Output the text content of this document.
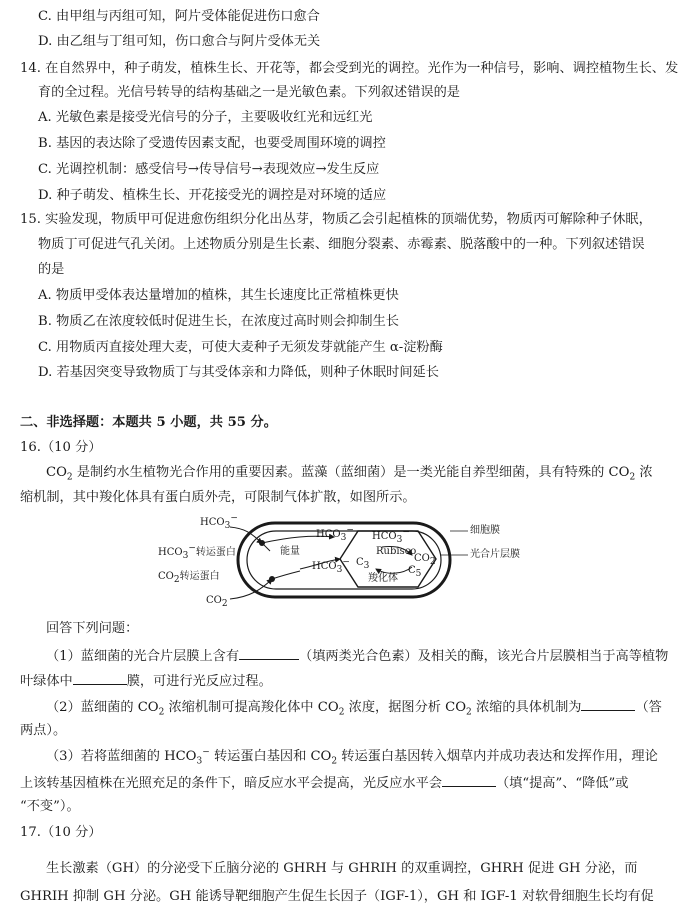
C. 由甲组与丙组可知，阿片受体能促进伤口愈合
D. 由乙组与丁组可知，伤口愈合与阿片受体无关
14. 在自然界中，种子萌发，植株生长、开花等，都会受到光的调控。光作为一种信号，影响、调控植物生长、发
育的全过程。光信号转导的结构基础之一是光敏色素。下列叙述错误的是
A. 光敏色素是接受光信号的分子，主要吸收红光和远红光
B. 基因的表达除了受遗传因素支配，也要受周围环境的调控
C. 光调控机制：感受信号→传导信号→表现效应→发生反应
D. 种子萌发、植株生长、开花接受光的调控是对环境的适应
15. 实验发现，物质甲可促进愈伤组织分化出丛芽，物质乙会引起植株的顶端优势，物质丙可解除种子休眠，
物质丁可促进气孔关闭。上述物质分别是生长素、细胞分裂素、赤霉素、脱落酸中的一种。下列叙述错误
的是
A. 物质甲受体表达量增加的植株，其生长速度比正常植株更快
B. 物质乙在浓度较低时促进生长，在浓度过高时则会抑制生长
C. 用物质丙直接处理大麦，可使大麦种子无须发芽就能产生 α-淀粉酶
D. 若基因突变导致物质丁与其受体亲和力降低，则种子休眠时间延长
二、非选择题：本题共 5 小题，共 55 分。
16.（10 分）
$CO_2$ 是制约水生植物光合作用的重要因素。蓝藻（蓝细菌）是一类光能自养型细菌，具有特殊的 $CO_2$ 浓
缩机制，其中羧化体具有蛋白质外壳，可限制气体扩散，如图所示。
$HCO_3^-$
$HCO_3^-$转运蛋白
$CO_2$转运蛋白
$CO_2$
能量
$HCO_3^-$
$HCO_3^-$
$HCO_3^-$
Rubisco
$C_3$
$CO_2$
$C_5$
羧化体
细胞膜
光合片层膜
回答下列问题：
（1）蓝细菌的光合片层膜上含有	（填两类光合色素）及相关的酶，该光合片层膜相当于高等植物
叶绿体中	膜，可进行光反应过程。
（2）蓝细菌的 $CO_2$ 浓缩机制可提高羧化体中 $CO_2$ 浓度，据图分析 $CO_2$ 浓缩的具体机制为	（答
两点）。
（3）若将蓝细菌的 $HCO_3^-$ 转运蛋白基因和 $CO_2$ 转运蛋白基因转入烟草内并成功表达和发挥作用，理论
上该转基因植株在光照充足的条件下，暗反应水平会提高，光反应水平会	（填“提高”、“降低”或
“不变”）。
17.（10 分）
生长激素（GH）的分泌受下丘脑分泌的 GHRH 与 GHRIH 的双重调控，GHRH 促进 GH 分泌，而
GHRIH 抑制 GH 分泌。GH 能诱导靶细胞产生促生长因子（IGF-1），GH 和 IGF-1 对软骨细胞生长均有促
